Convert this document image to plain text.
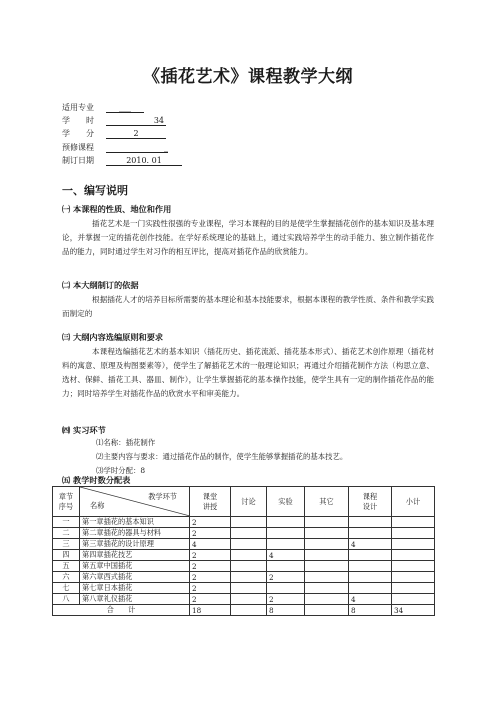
《插花艺术》课程教学大纲
适用专业	___
学　　时	34
学　　分	2
预修课程	_
制订日期	2010. 01
一、编写说明
㈠ 本课程的性质、地位和作用
插花艺术是一门实践性很强的专业课程，学习本课程的目的是使学生掌握插花创作的基本知识及基本理论，并掌握一定的插花创作技能。在学好系统理论的基础上，通过实践培养学生的动手能力、独立制作插花作品的能力，同时通过学生对习作的相互评比，提高对插花作品的欣赏能力。
㈡ 本大纲制订的依据
根据插花人才的培养目标所需要的基本理论和基本技能要求，根据本课程的教学性质、条件和教学实践而制定的
㈢ 大纲内容选编原则和要求
本课程选编插花艺术的基本知识（插花历史、插花流派、插花基本形式）、插花艺术创作原理（插花材料的寓意、原理及构图要素等），使学生了解插花艺术的一般理论知识；再通过介绍插花制作方法（构思立意、选材、保鲜、插花工具、器皿、制作），让学生掌握插花的基本操作技能，使学生具有一定的制作插花作品的能力；同时培养学生对插花作品的欣赏水平和审美能力。
㈣ 实习环节
⑴名称：插花制作
⑵主要内容与要求：通过插花作品的制作，使学生能够掌握插花的基本技艺。
⑶学时分配：8
㈤ 教学时数分配表
章节
序号	教学环节
名称	课堂
讲授	讨论	实验	其它	课程
设计	小计
一	第一章插花的基本知识	2					
二	第二章插花的器具与材料	2					
三	第三章插花的设计原理	4				4	
四	第四章插花技艺	2		4			
五	第五章中国插花	2					
六	第六章西式插花	2		2			
七	第七章日本插花	2					
八	第八章礼仪插花	2		2		4	
合　　计		18		8		8	34
